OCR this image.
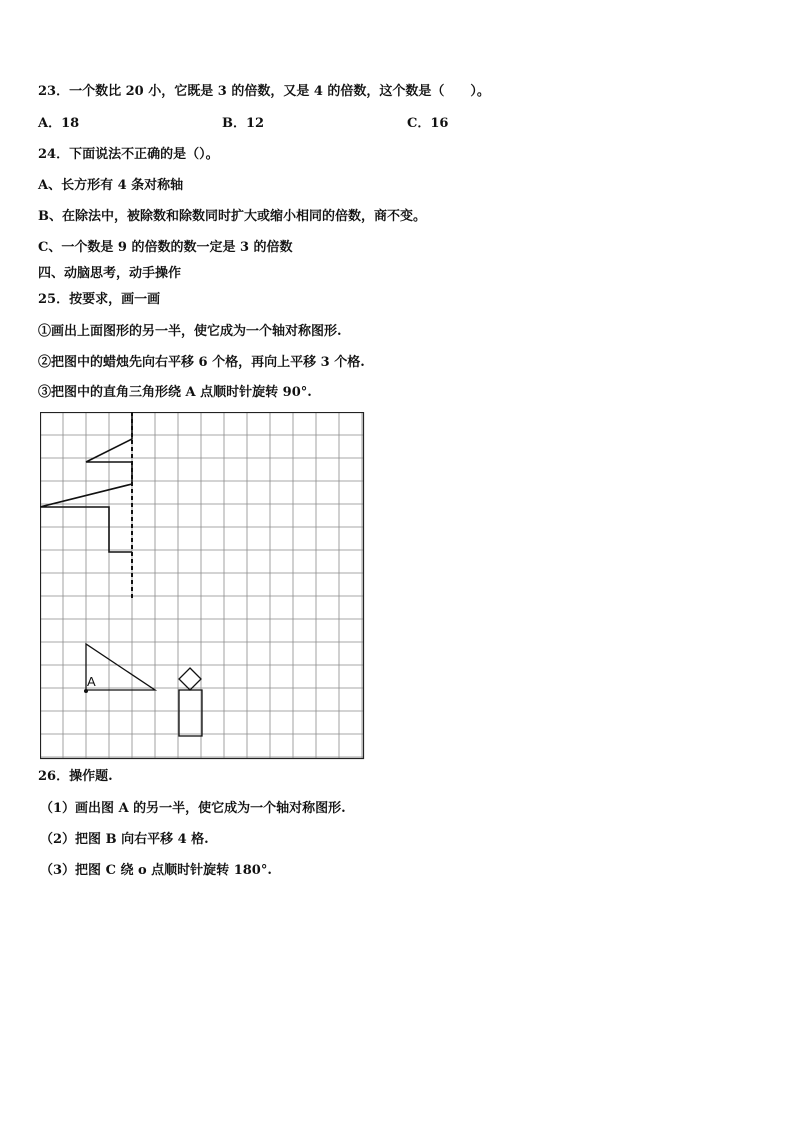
23．一个数比 20 小，它既是 3 的倍数，又是 4 的倍数，这个数是（　　）。
A．18	B．12	C．16
24．下面说法不正确的是（）。
A、长方形有 4 条对称轴
B、在除法中，被除数和除数同时扩大或缩小相同的倍数，商不变。
C、一个数是 9 的倍数的数一定是 3 的倍数
四、动脑思考，动手操作
25．按要求，画一画
①画出上面图形的另一半，使它成为一个轴对称图形.
②把图中的蜡烛先向右平移 6 个格，再向上平移 3 个格.
③把图中的直角三角形绕 A 点顺时针旋转 90°.
A
26．操作题.
（1）画出图 A 的另一半，使它成为一个轴对称图形.
（2）把图 B 向右平移 4 格.
（3）把图 C 绕 o 点顺时针旋转 180°.
